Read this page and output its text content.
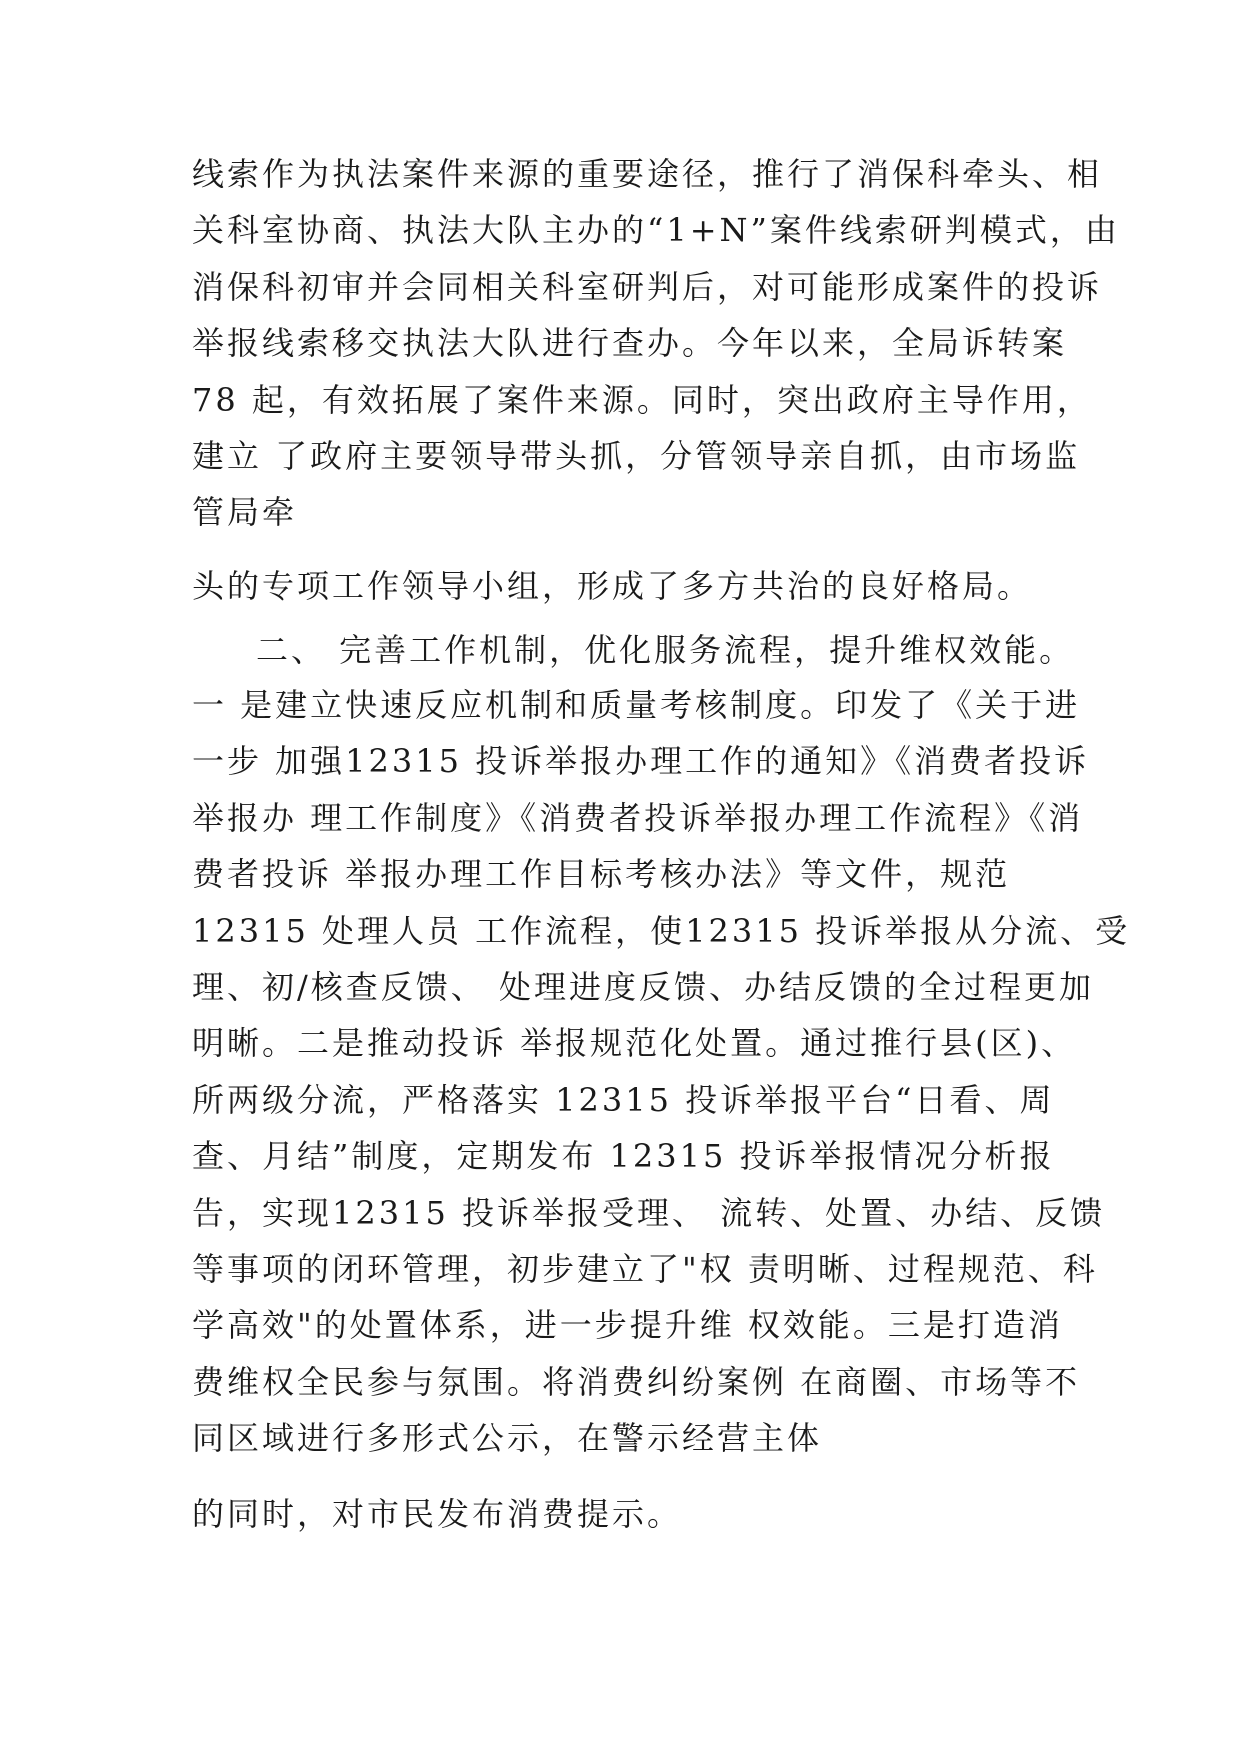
线索作为执法案件来源的重要途径，推行了消保科牵头、相
关科室协商、执法大队主办的“1+N”案件线索研判模式，由
消保科初审并会同相关科室研判后，对可能形成案件的投诉
举报线索移交执法大队进行查办。今年以来，全局诉转案
78 起，有效拓展了案件来源。同时，突出政府主导作用，
建立 了政府主要领导带头抓，分管领导亲自抓，由市场监
管局牵
头的专项工作领导小组，形成了多方共治的良好格局。
二、 完善工作机制，优化服务流程，提升维权效能。
一 是建立快速反应机制和质量考核制度。印发了《关于进
一步 加强12315 投诉举报办理工作的通知》《消费者投诉
举报办 理工作制度》《消费者投诉举报办理工作流程》《消
费者投诉 举报办理工作目标考核办法》等文件，规范
12315 处理人员 工作流程，使12315 投诉举报从分流、受
理、初/核查反馈、 处理进度反馈、办结反馈的全过程更加
明晰。二是推动投诉 举报规范化处置。通过推行县(区)、
所两级分流，严格落实 12315 投诉举报平台“日看、周
查、月结”制度，定期发布 12315 投诉举报情况分析报
告，实现12315 投诉举报受理、 流转、处置、办结、反馈
等事项的闭环管理，初步建立了"权 责明晰、过程规范、科
学高效"的处置体系，进一步提升维 权效能。三是打造消
费维权全民参与氛围。将消费纠纷案例 在商圈、市场等不
同区域进行多形式公示，在警示经营主体
的同时，对市民发布消费提示。
